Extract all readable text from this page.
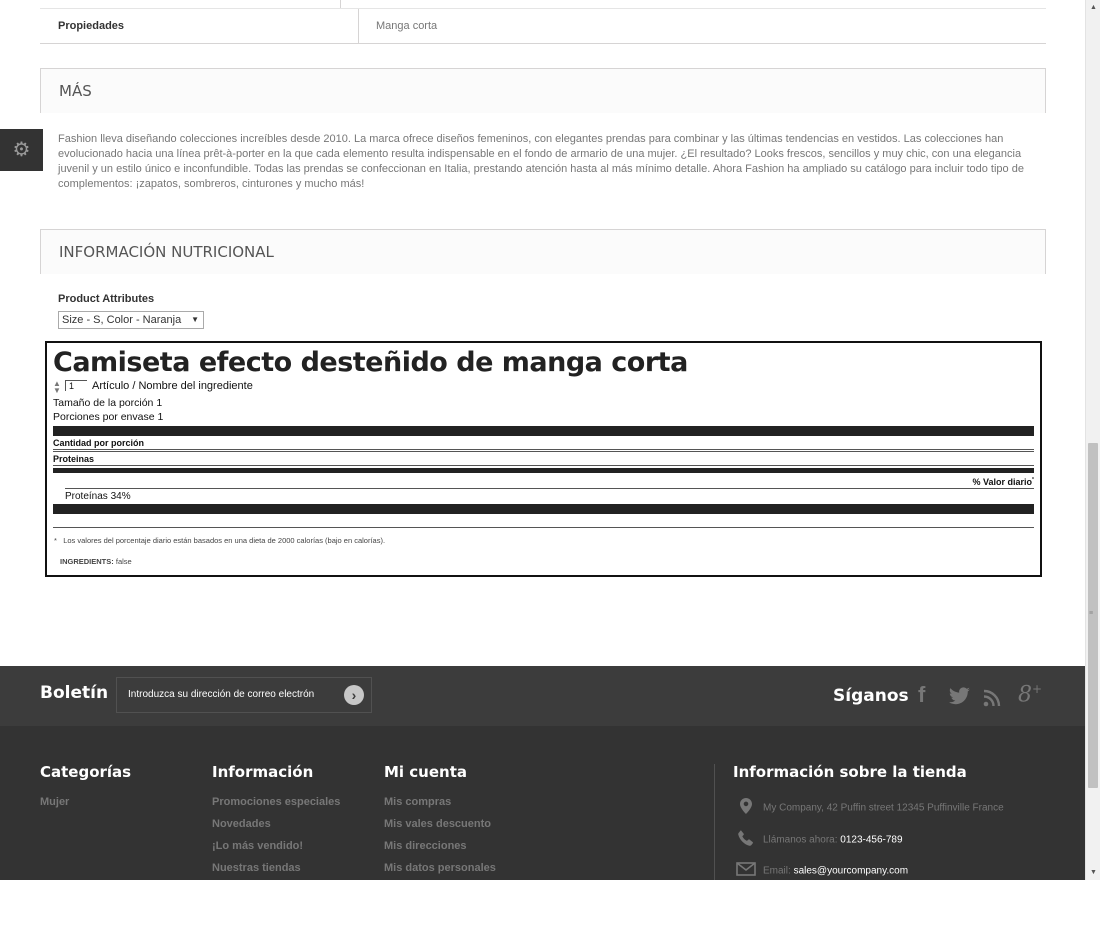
Propiedades	Manga corta
MÁS

Fashion lleva diseñando colecciones increíbles desde 2010. La marca ofrece diseños femeninos, con elegantes prendas para combinar y las últimas tendencias en vestidos. Las colecciones han evolucionado hacia una línea prêt-à-porter en la que cada elemento resulta indispensable en el fondo de armario de una mujer. ¿El resultado? Looks frescos, sencillos y muy chic, con una elegancia juvenil y un estilo único e inconfundible. Todas las prendas se confeccionan en Italia, prestando atención hasta al más mínimo detalle. Ahora Fashion ha ampliado su catálogo para incluir todo tipo de complementos: ¡zapatos, sombreros, cinturones y mucho más!

⚙
INFORMACIÓN NUTRICIONAL
Product Attributes
Size - S, Color - Naranja ▼
Camiseta efecto desteñido de manga corta
▲
▼ 1	Artículo / Nombre del ingrediente
Tamaño de la porción 1
Porciones por envase 1
Cantidad por porción
Proteinas
% Valor diario*
Proteínas 34%
* Los valores del porcentaje diario están basados en una dieta de 2000 calorías (bajo en calorías).
INGREDIENTS: false
Boletín Introduzca su dirección de correo electrón	›	Síganos f	8+
Categorías
Mujer
Información
Promociones especiales
Novedades
¡Lo más vendido!
Nuestras tiendas
Mi cuenta
Mis compras
Mis vales descuento
Mis direcciones
Mis datos personales
Información sobre la tienda
My Company, 42 Puffin street 12345 Puffinville France
Llámanos ahora: 0123-456-789
Email: sales@yourcompany.com
▲
≡
▼
